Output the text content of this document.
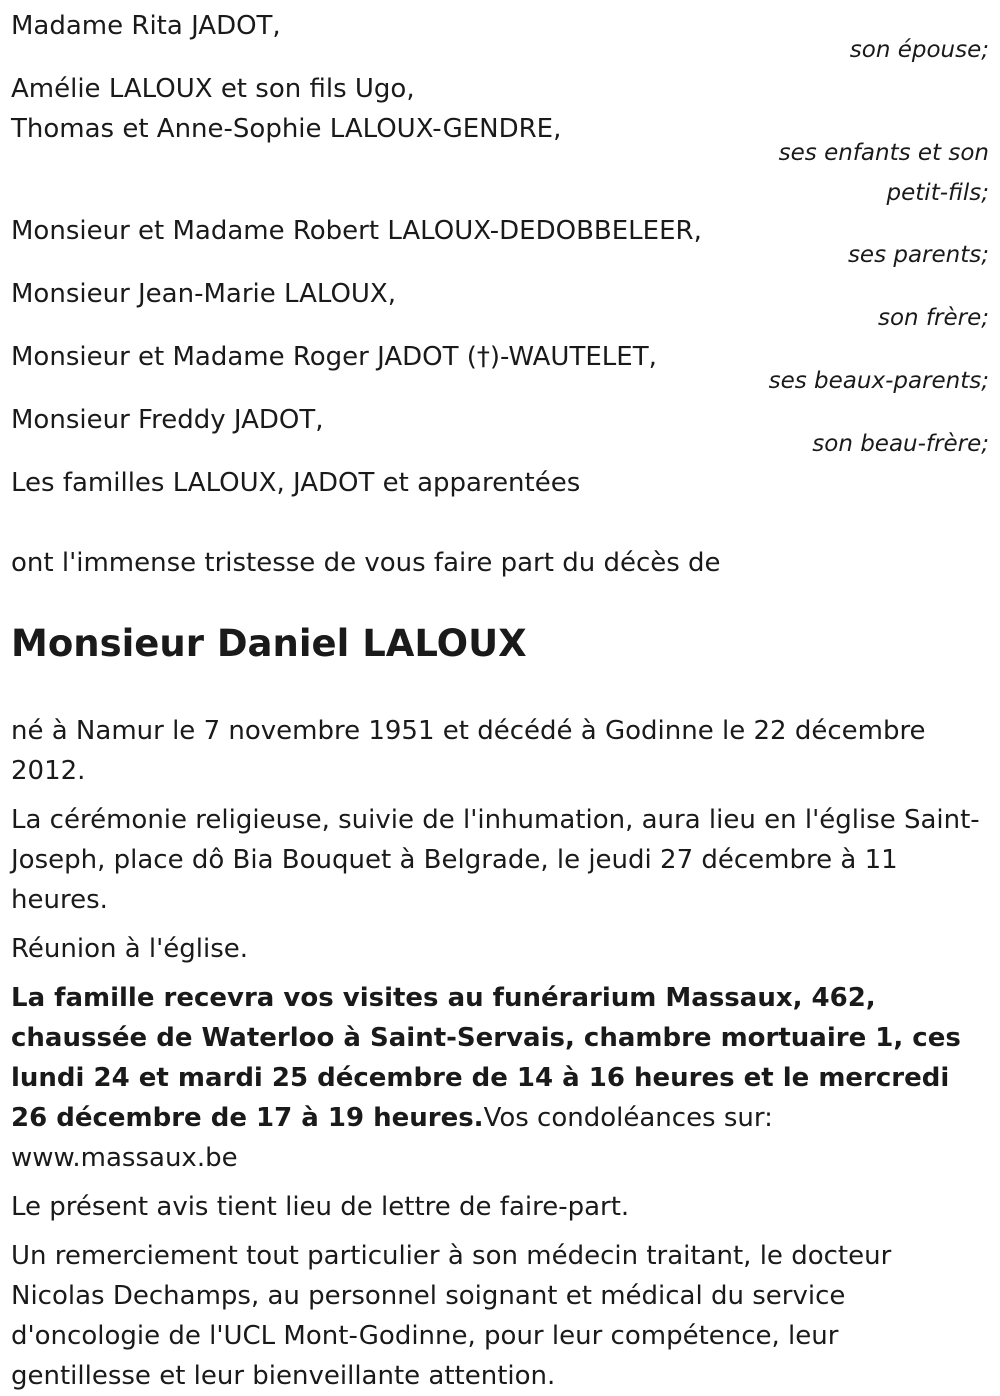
Madame Rita JADOT,

son épouse;

Amélie LALOUX et son fils Ugo,

Thomas et Anne-Sophie LALOUX-GENDRE,

ses enfants et son

petit-fils;

Monsieur et Madame Robert LALOUX-DEDOBBELEER,

ses parents;

Monsieur Jean-Marie LALOUX,

son frère;

Monsieur et Madame Roger JADOT (†)-WAUTELET,

ses beaux-parents;

Monsieur Freddy JADOT,

son beau-frère;

Les familles LALOUX, JADOT et apparentées

ont l'immense tristesse de vous faire part du décès de

Monsieur Daniel LALOUX

né à Namur le 7 novembre 1951 et décédé à Godinne le 22 décembre 2012.

La cérémonie religieuse, suivie de l'inhumation, aura lieu en l'église Saint-Joseph, place dô Bia Bouquet à Belgrade, le jeudi 27 décembre à 11 heures.

Réunion à l'église.

La famille recevra vos visites au funérarium Massaux, 462, chaussée de Waterloo à Saint-Servais, chambre mortuaire 1, ces lundi 24 et mardi 25 décembre de 14 à 16 heures et le mercredi 26 décembre de 17 à 19 heures.Vos condoléances sur: www.massaux.be

Le présent avis tient lieu de lettre de faire-part.

Un remerciement tout particulier à son médecin traitant, le docteur Nicolas Dechamps, au personnel soignant et médical du service d'oncologie de l'UCL Mont-Godinne, pour leur compétence, leur gentillesse et leur bienveillante attention.
